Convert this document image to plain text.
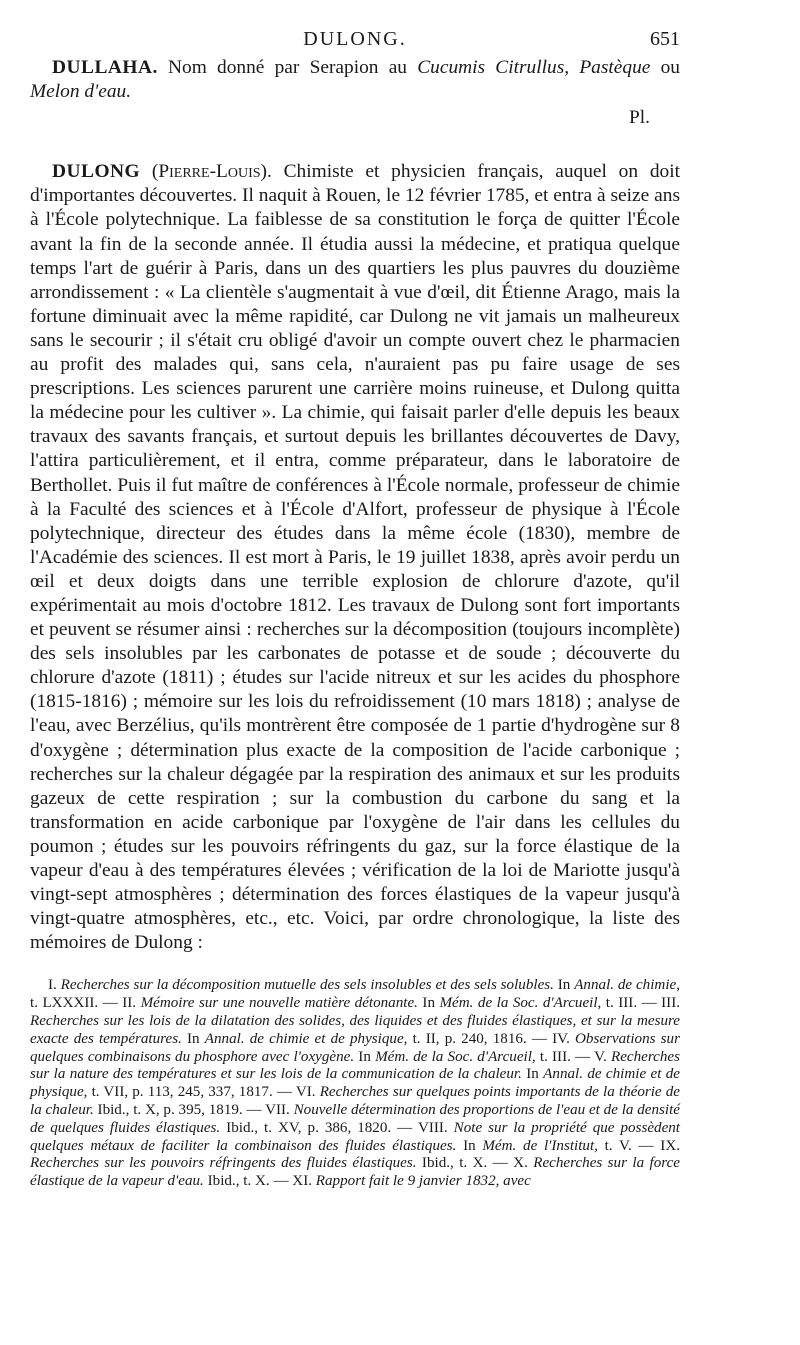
DULONG.	651

DULLAHA. Nom donné par Serapion au Cucumis Citrullus, Pastèque ou Melon d'eau.

Pl.

DULONG (Pierre-Louis). Chimiste et physicien français, auquel on doit d'importantes découvertes. Il naquit à Rouen, le 12 février 1785, et entra à seize ans à l'École polytechnique. La faiblesse de sa constitution le força de quitter l'École avant la fin de la seconde année. Il étudia aussi la médecine, et pratiqua quelque temps l'art de guérir à Paris, dans un des quartiers les plus pauvres du douzième arrondissement : « La clientèle s'augmentait à vue d'œil, dit Étienne Arago, mais la fortune diminuait avec la même rapidité, car Dulong ne vit jamais un malheureux sans le secourir ; il s'était cru obligé d'avoir un compte ouvert chez le pharmacien au profit des malades qui, sans cela, n'auraient pas pu faire usage de ses prescriptions. Les sciences parurent une carrière moins ruineuse, et Dulong quitta la médecine pour les cultiver ». La chimie, qui faisait parler d'elle depuis les beaux travaux des savants français, et surtout depuis les brillantes découvertes de Davy, l'attira particulièrement, et il entra, comme préparateur, dans le laboratoire de Berthollet. Puis il fut maître de conférences à l'École normale, professeur de chimie à la Faculté des sciences et à l'École d'Alfort, professeur de physique à l'École polytechnique, directeur des études dans la même école (1830), membre de l'Académie des sciences. Il est mort à Paris, le 19 juillet 1838, après avoir perdu un œil et deux doigts dans une terrible explosion de chlorure d'azote, qu'il expérimentait au mois d'octobre 1812. Les travaux de Dulong sont fort importants et peuvent se résumer ainsi : recherches sur la décomposition (toujours incomplète) des sels insolubles par les carbonates de potasse et de soude ; découverte du chlorure d'azote (1811) ; études sur l'acide nitreux et sur les acides du phosphore (1815-1816) ; mémoire sur les lois du refroidissement (10 mars 1818) ; analyse de l'eau, avec Berzélius, qu'ils montrèrent être composée de 1 partie d'hydrogène sur 8 d'oxygène ; détermination plus exacte de la composition de l'acide carbonique ; recherches sur la chaleur dégagée par la respiration des animaux et sur les produits gazeux de cette respiration ; sur la combustion du carbone du sang et la transformation en acide carbonique par l'oxygène de l'air dans les cellules du poumon ; études sur les pouvoirs réfringents du gaz, sur la force élastique de la vapeur d'eau à des températures élevées ; vérification de la loi de Mariotte jusqu'à vingt-sept atmosphères ; détermination des forces élastiques de la vapeur jusqu'à vingt-quatre atmosphères, etc., etc. Voici, par ordre chronologique, la liste des mémoires de Dulong :

I. Recherches sur la décomposition mutuelle des sels insolubles et des sels solubles. In Annal. de chimie, t. LXXXII. — II. Mémoire sur une nouvelle matière détonante. In Mém. de la Soc. d'Arcueil, t. III. — III. Recherches sur les lois de la dilatation des solides, des liquides et des fluides élastiques, et sur la mesure exacte des températures. In Annal. de chimie et de physique, t. II, p. 240, 1816. — IV. Observations sur quelques combinaisons du phosphore avec l'oxygène. In Mém. de la Soc. d'Arcueil, t. III. — V. Recherches sur la nature des températures et sur les lois de la communication de la chaleur. In Annal. de chimie et de physique, t. VII, p. 113, 245, 337, 1817. — VI. Recherches sur quelques points importants de la théorie de la chaleur. Ibid., t. X, p. 395, 1819. — VII. Nouvelle détermination des proportions de l'eau et de la densité de quelques fluides élastiques. Ibid., t. XV, p. 386, 1820. — VIII. Note sur la propriété que possèdent quelques métaux de faciliter la combinaison des fluides élastiques. In Mém. de l'Institut, t. V. — IX. Recherches sur les pouvoirs réfringents des fluides élastiques. Ibid., t. X. — X. Recherches sur la force élastique de la vapeur d'eau. Ibid., t. X. — XI. Rapport fait le 9 janvier 1832, avec
